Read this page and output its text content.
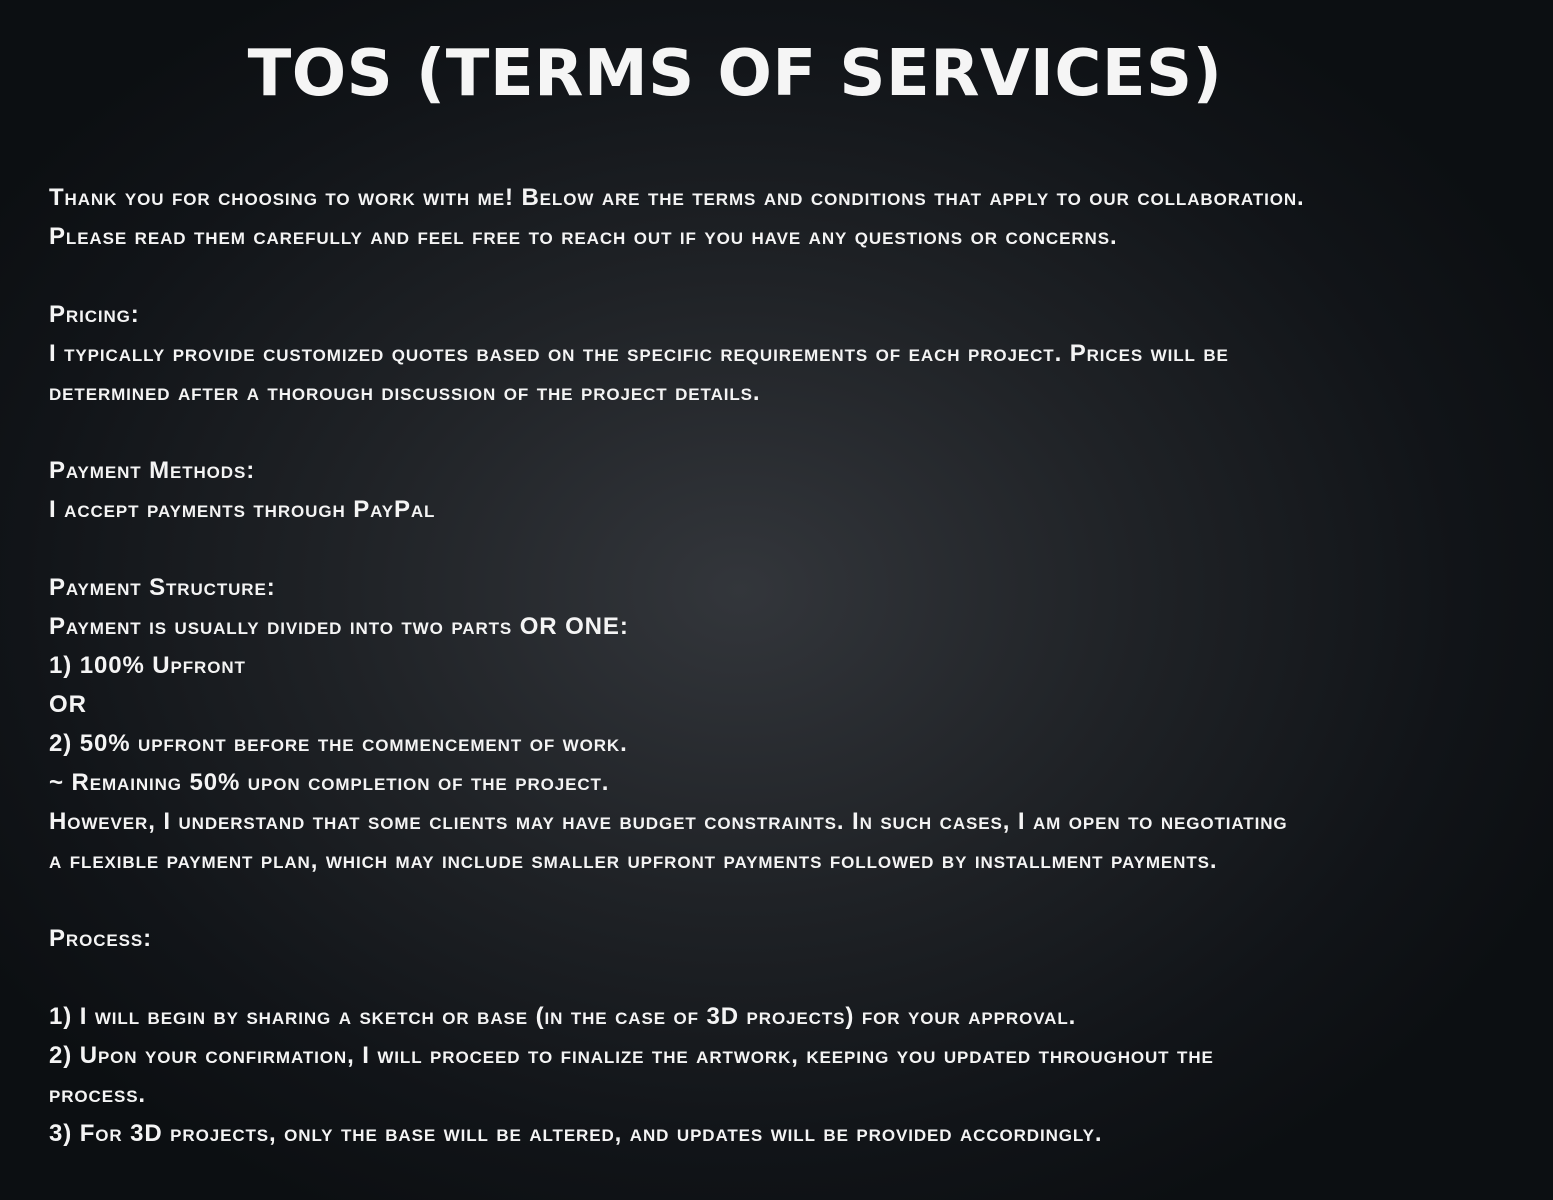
TOS (TERMS OF SERVICES)
Thank you for choosing to work with me! Below are the terms and conditions that apply to our collaboration.
Please read them carefully and feel free to reach out if you have any questions or concerns.
Pricing:
I typically provide customized quotes based on the specific requirements of each project. Prices will be
determined after a thorough discussion of the project details.
Payment Methods:
I accept payments through PayPal
Payment Structure:
Payment is usually divided into two parts OR ONE:
1) 100% Upfront
OR
2) 50% upfront before the commencement of work.
~ Remaining 50% upon completion of the project.
However, I understand that some clients may have budget constraints. In such cases, I am open to negotiating
a flexible payment plan, which may include smaller upfront payments followed by installment payments.
Process:
1) I will begin by sharing a sketch or base (in the case of 3D projects) for your approval.
2) Upon your confirmation, I will proceed to finalize the artwork, keeping you updated throughout the
process.
3) For 3D projects, only the base will be altered, and updates will be provided accordingly.
